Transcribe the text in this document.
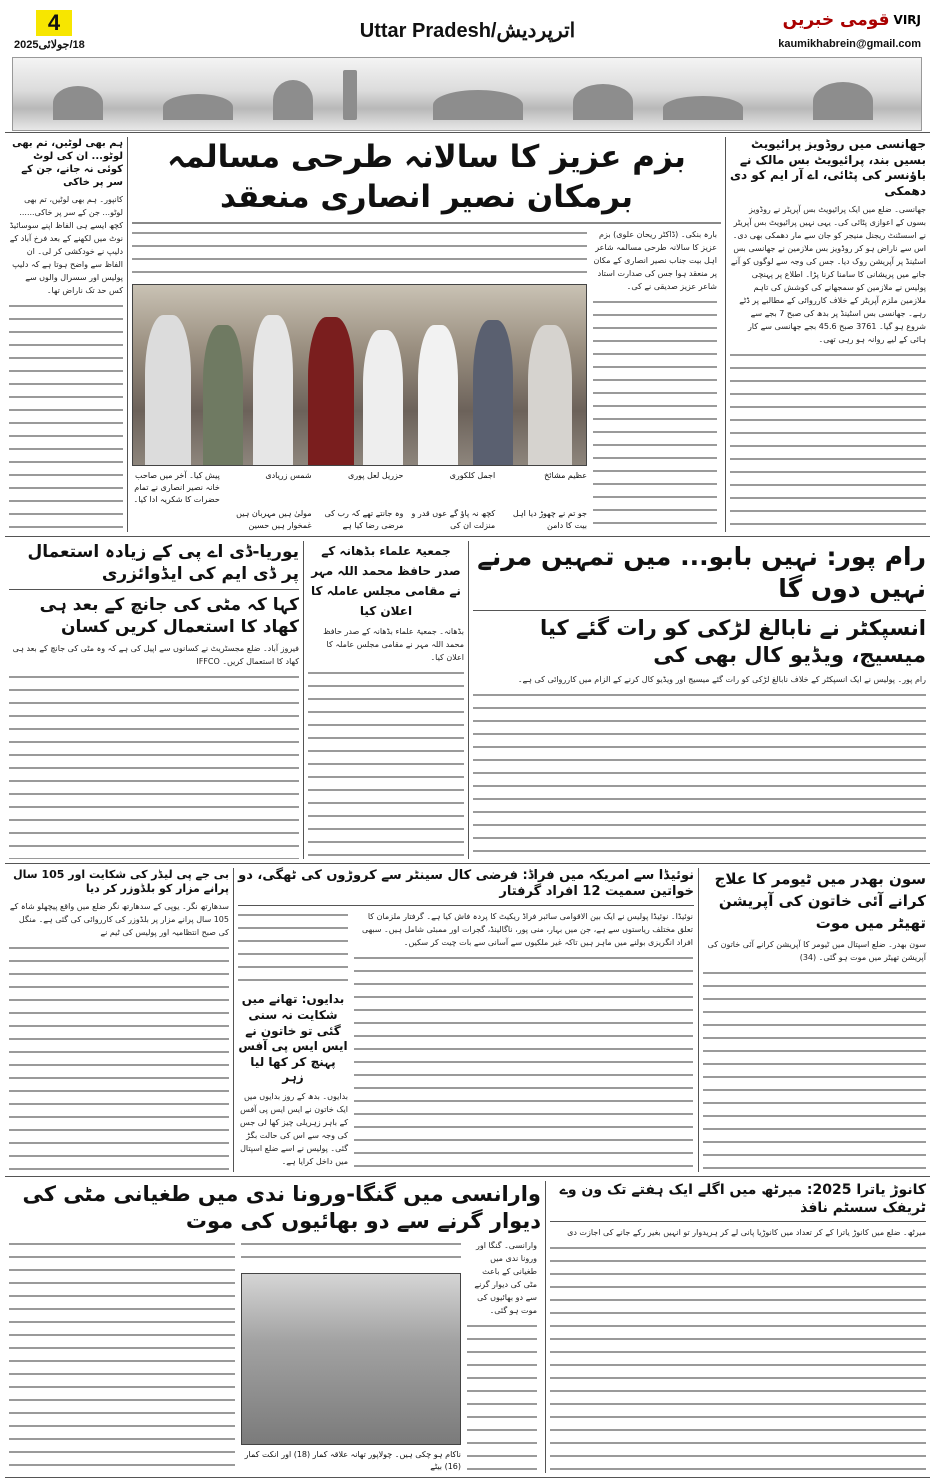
4
18/جولائی2025
Uttar Pradesh/اترپردیش	قومی خبریں VIRJ
kaumikhabrein@gmail.com
ہم بھی لوٹیں، تم بھی لوٹو... ان کی لوٹ کوئی نہ جانے، جن کے سر پر خاکی
کانپور۔ ہم بھی لوٹیں، تم بھی لوٹو... جن کے سر پر خاکی...... کچھ ایسے ہی الفاظ اپنے سوسائیڈ نوٹ میں لکھنے کے بعد فرخ آباد کے دلیپ نے خودکشی کر لی۔ ان الفاظ سے واضح ہوتا ہے کہ دلیپ پولیس اور سسرال والوں سے کس حد تک ناراض تھا۔
بزم عزیز کا سالانہ طرحی مسالمہ برمکان نصیر انصاری منعقد
عظیم مشائخ
اجمل کلکوری
حزریل لعل پوری
شمس زریادی
پیش کیا۔ آخر میں صاحب خانہ نصیر انصاری نے تمام حضرات کا شکریہ ادا کیا۔
جو تم نے چھوڑ دیا اہل بیت کا دامن
کچھ نہ پاؤ گے عوں قدر و منزلت ان کی
وہ جانتے تھے کہ رب کی مرضی رضا کیا ہے
مولیٰ ہیں مہربان ہیں غمخوار ہیں حسین
بارہ بنکی۔ (ڈاکٹر ریحان علوی) بزم عزیز کا سالانہ طرحی مسالمہ شاعر اہل بیت جناب نصیر انصاری کے مکان پر منعقد ہوا جس کی صدارت استاد شاعر عزیز صدیقی نے کی۔
جھانسی میں روڈویز پرائیویٹ بسیں بند، پرائیویٹ بس مالک نے باؤنسر کی پٹائی، اے آر ایم کو دی دھمکی
جھانسی۔ ضلع میں ایک پرائیویٹ بس آپریٹر نے روڈویز بسوں کے اعوازی پٹائی کی۔ یہی نہیں پرائیویٹ بس آپریٹر نے اسسٹنٹ ریجنل منیجر کو جان سے مار دھمکی بھی دی۔ اس سے ناراض ہو کر روڈویز بس ملازمین نے جھانسی بس اسٹینڈ پر آپریشن روک دیا۔ جس کی وجہ سے لوگوں کو آنے جانے میں پریشانی کا سامنا کرنا پڑا۔ اطلاع پر پہنچی پولیس نے ملازمین کو سمجھانے کی کوشش کی تاہم ملازمین ملزم آپریٹر کے خلاف کارروائی کے مطالبے پر ڈٹے رہے۔ جھانسی بس اسٹینڈ پر بدھ کی صبح 7 بجے سے شروع ہو گیا۔ 3761 صبح 45.6 بجے جھانسی سے کار ہائی کے لیے روانہ ہو رہی تھی۔
یوریا-ڈی اے پی کے زیادہ استعمال پر ڈی ایم کی ایڈوائزری
کہا کہ مٹی کی جانچ کے بعد ہی کھاد کا استعمال کریں کسان
فیروز آباد۔ ضلع مجسٹریٹ نے کسانوں سے اپیل کی ہے کہ وہ مٹی کی جانچ کے بعد ہی کھاد کا استعمال کریں۔ IFFCO
جمعیۃ علماء بڈھانہ کے صدر حافظ محمد اللہ مہر نے مقامی مجلس عاملہ کا اعلان کیا
بڈھانہ۔ جمعیۃ علماء بڈھانہ کے صدر حافظ محمد اللہ مہر نے مقامی مجلس عاملہ کا اعلان کیا۔
رام پور: نہیں بابو... میں تمہیں مرنے نہیں دوں گا
انسپکٹر نے نابالغ لڑکی کو رات گئے کیا میسیج، ویڈیو کال بھی کی
رام پور۔ پولیس نے ایک انسپکٹر کے خلاف نابالغ لڑکی کو رات گئے میسیج اور ویڈیو کال کرنے کے الزام میں کارروائی کی ہے۔
بی جے پی لیڈر کی شکایت اور 105 سال پرانے مزار کو بلڈوزر کر دیا
سدھارتھ نگر۔ یوپی کے سدھارتھ نگر ضلع میں واقع پیچھلو شاہ کے 105 سال پرانے مزار پر بلڈوزر کی کارروائی کی گئی ہے۔ منگل کی صبح انتظامیہ اور پولیس کی ٹیم نے
نوئیڈا سے امریکہ میں فراڈ: فرضی کال سینٹر سے کروڑوں کی ٹھگی، دو خواتین سمیت 12 افراد گرفتار
بدایوں: تھانے میں شکایت نہ سنی گئی تو خاتون نے ایس ایس پی آفس پہنچ کر کھا لیا زہر
بدایوں۔ بدھ کے روز بدایوں میں ایک خاتون نے ایس ایس پی آفس کے باہر زہریلی چیز کھا لی جس کی وجہ سے اس کی حالت بگڑ گئی۔ پولیس نے اسے ضلع اسپتال میں داخل کرایا ہے۔
نوئیڈا۔ نوئیڈا پولیس نے ایک بین الاقوامی سائبر فراڈ ریکیٹ کا پردہ فاش کیا ہے۔ گرفتار ملزمان کا تعلق مختلف ریاستوں سے ہے، جن میں بہار، منی پور، ناگالینڈ، گجرات اور ممبئی شامل ہیں۔ سبھی افراد انگریزی بولنے میں ماہر ہیں تاکہ غیر ملکیوں سے آسانی سے بات چیت کر سکیں۔
سون بھدر میں ٹیومر کا علاج کرانے آئی خاتون کی آپریشن تھیٹر میں موت
سون بھدر۔ ضلع اسپتال میں ٹیومر کا آپریشن کرانے آئی خاتون کی آپریشن تھیٹر میں موت ہو گئی۔ (34)
وارانسی میں گنگا-ورونا ندی میں طغیانی مٹی کی دیوار گرنے سے دو بھائیوں کی موت
ناکام ہو چکی ہیں۔ چولاپور تھانہ علاقہ کمار (18) اور انکت کمار (16) بیٹے
وارانسی۔ گنگا اور ورونا ندی میں طغیانی کے باعث مٹی کی دیوار گرنے سے دو بھائیوں کی موت ہو گئی۔
کانوڑ یاترا 2025: میرٹھ میں اگلے ایک ہفتے تک ون وے ٹریفک سسٹم نافذ
میرٹھ۔ ضلع میں کانوڑ یاترا کے کر تعداد میں کانوڑیا پانی لے کر ہریدوار تو انہیں بغیر رکے جانے کی اجازت دی
